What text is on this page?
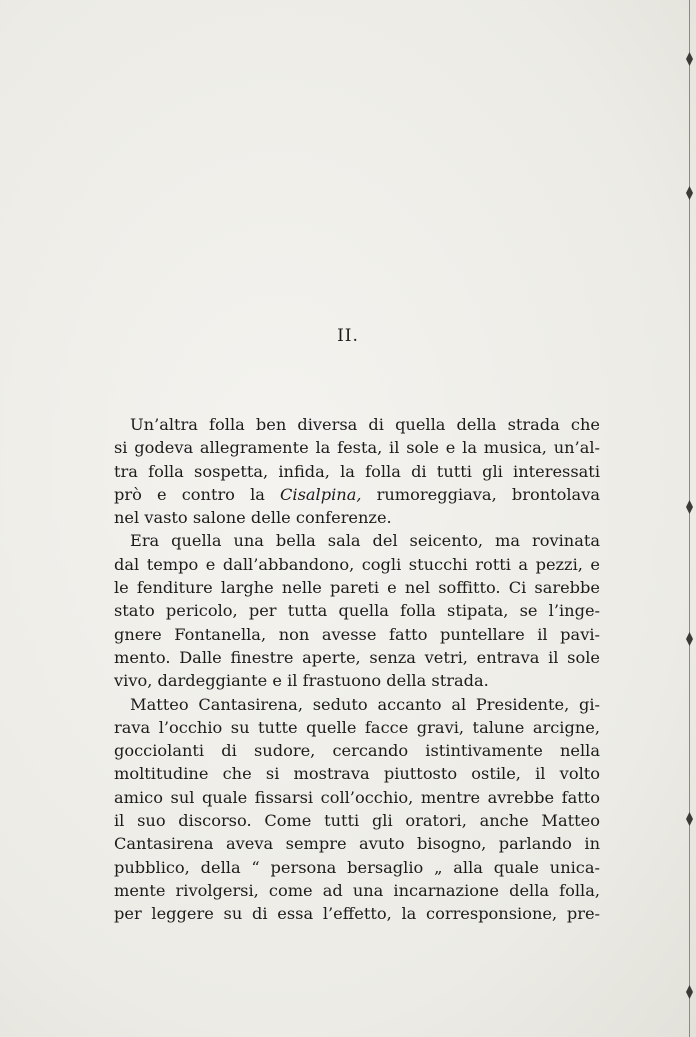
II.
Un’altra folla ben diversa di quella della strada che
si godeva allegramente la festa, il sole e la musica, un’al-
tra folla sospetta, infida, la folla di tutti gli interessati
prò e contro la Cisalpina, rumoreggiava, brontolava
nel vasto salone delle conferenze.
Era quella una bella sala del seicento, ma rovinata
dal tempo e dall’abbandono, cogli stucchi rotti a pezzi, e
le fenditure larghe nelle pareti e nel soffitto. Ci sarebbe
stato pericolo, per tutta quella folla stipata, se l’inge-
gnere Fontanella, non avesse fatto puntellare il pavi-
mento. Dalle finestre aperte, senza vetri, entrava il sole
vivo, dardeggiante e il frastuono della strada.
Matteo Cantasirena, seduto accanto al Presidente, gi-
rava l’occhio su tutte quelle facce gravi, talune arcigne,
gocciolanti di sudore, cercando istintivamente nella
moltitudine che si mostrava piuttosto ostile, il volto
amico sul quale fissarsi coll’occhio, mentre avrebbe fatto
il suo discorso. Come tutti gli oratori, anche Matteo
Cantasirena aveva sempre avuto bisogno, parlando in
pubblico, della “ persona bersaglio „ alla quale unica-
mente rivolgersi, come ad una incarnazione della folla,
per leggere su di essa l’effetto, la corresponsione, pre-
